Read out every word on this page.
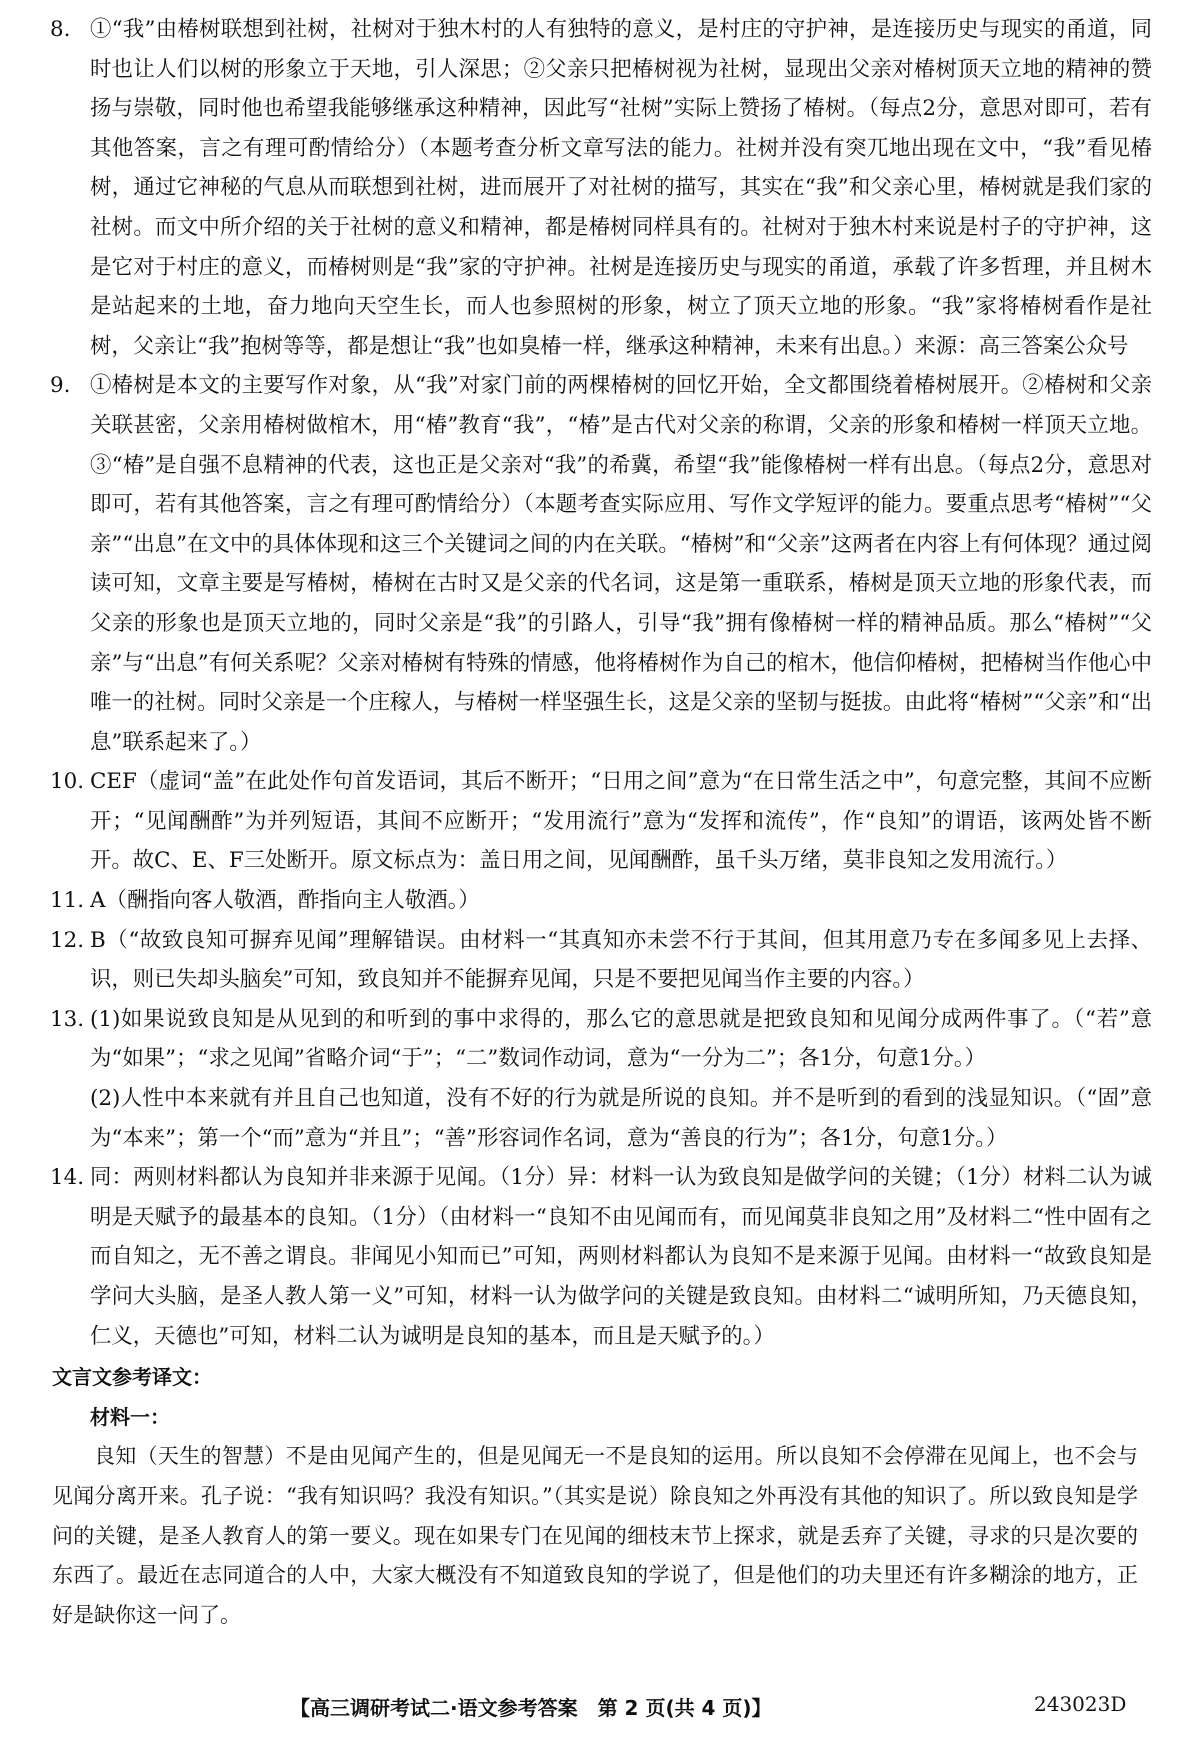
8. ①“我”由椿树联想到社树，社树对于独木村的人有独特的意义，是村庄的守护神，是连接历史与现实的甬道，同时也让人们以树的形象立于天地，引人深思；②父亲只把椿树视为社树，显现出父亲对椿树顶天立地的精神的赞扬与崇敬，同时他也希望我能够继承这种精神，因此写“社树”实际上赞扬了椿树。（每点2分，意思对即可，若有其他答案，言之有理可酌情给分）（本题考查分析文章写法的能力。社树并没有突兀地出现在文中，“我”看见椿树，通过它神秘的气息从而联想到社树，进而展开了对社树的描写，其实在“我”和父亲心里，椿树就是我们家的社树。而文中所介绍的关于社树的意义和精神，都是椿树同样具有的。社树对于独木村来说是村子的守护神，这是它对于村庄的意义，而椿树则是“我”家的守护神。社树是连接历史与现实的甬道，承载了许多哲理，并且树木是站起来的土地，奋力地向天空生长，而人也参照树的形象，树立了顶天立地的形象。“我”家将椿树看作是社树，父亲让“我”抱树等等，都是想让“我”也如臭椿一样，继承这种精神，未来有出息。）来源：高三答案公众号
9. ①椿树是本文的主要写作对象，从“我”对家门前的两棵椿树的回忆开始，全文都围绕着椿树展开。②椿树和父亲关联甚密，父亲用椿树做棺木，用“椿”教育“我”，“椿”是古代对父亲的称谓，父亲的形象和椿树一样顶天立地。③“椿”是自强不息精神的代表，这也正是父亲对“我”的希冀，希望“我”能像椿树一样有出息。（每点2分，意思对即可，若有其他答案，言之有理可酌情给分）（本题考查实际应用、写作文学短评的能力。要重点思考“椿树”“父亲”“出息”在文中的具体体现和这三个关键词之间的内在关联。“椿树”和“父亲”这两者在内容上有何体现？通过阅读可知，文章主要是写椿树，椿树在古时又是父亲的代名词，这是第一重联系，椿树是顶天立地的形象代表，而父亲的形象也是顶天立地的，同时父亲是“我”的引路人，引导“我”拥有像椿树一样的精神品质。那么“椿树”“父亲”与“出息”有何关系呢？父亲对椿树有特殊的情感，他将椿树作为自己的棺木，他信仰椿树，把椿树当作他心中唯一的社树。同时父亲是一个庄稼人，与椿树一样坚强生长，这是父亲的坚韧与挺拔。由此将“椿树”“父亲”和“出息”联系起来了。）
10. CEF（虚词“盖”在此处作句首发语词，其后不断开；“日用之间”意为“在日常生活之中”，句意完整，其间不应断开；“见闻酬酢”为并列短语，其间不应断开；“发用流行”意为“发挥和流传”，作“良知”的谓语，该两处皆不断开。故C、E、F三处断开。原文标点为：盖日用之间，见闻酬酢，虽千头万绪，莫非良知之发用流行。）
11. A（酬指向客人敬酒，酢指向主人敬酒。）
12. B（“故致良知可摒弃见闻”理解错误。由材料一“其真知亦未尝不行于其间，但其用意乃专在多闻多见上去择、识，则已失却头脑矣”可知，致良知并不能摒弃见闻，只是不要把见闻当作主要的内容。）
13. (1)如果说致良知是从见到的和听到的事中求得的，那么它的意思就是把致良知和见闻分成两件事了。（“若”意为“如果”；“求之见闻”省略介词“于”；“二”数词作动词，意为“一分为二”；各1分，句意1分。）
(2)人性中本来就有并且自己也知道，没有不好的行为就是所说的良知。并不是听到的看到的浅显知识。（“固”意为“本来”；第一个“而”意为“并且”；“善”形容词作名词，意为“善良的行为”；各1分，句意1分。）
14. 同：两则材料都认为良知并非来源于见闻。（1分）异：材料一认为致良知是做学问的关键；（1分）材料二认为诚明是天赋予的最基本的良知。（1分）（由材料一“良知不由见闻而有，而见闻莫非良知之用”及材料二“性中固有之而自知之，无不善之谓良。非闻见小知而已”可知，两则材料都认为良知不是来源于见闻。由材料一“故致良知是学问大头脑，是圣人教人第一义”可知，材料一认为做学问的关键是致良知。由材料二“诚明所知，乃天德良知，仁义，天德也”可知，材料二认为诚明是良知的基本，而且是天赋予的。）
文言文参考译文：
材料一：
良知（天生的智慧）不是由见闻产生的，但是见闻无一不是良知的运用。所以良知不会停滞在见闻上，也不会与见闻分离开来。孔子说：“我有知识吗？我没有知识。”（其实是说）除良知之外再没有其他的知识了。所以致良知是学问的关键，是圣人教育人的第一要义。现在如果专门在见闻的细枝末节上探求，就是丢弃了关键，寻求的只是次要的东西了。最近在志同道合的人中，大家大概没有不知道致良知的学说了，但是他们的功夫里还有许多糊涂的地方，正好是缺你这一问了。
【高三调研考试二·语文参考答案　第 2 页(共 4 页)】	243023D
